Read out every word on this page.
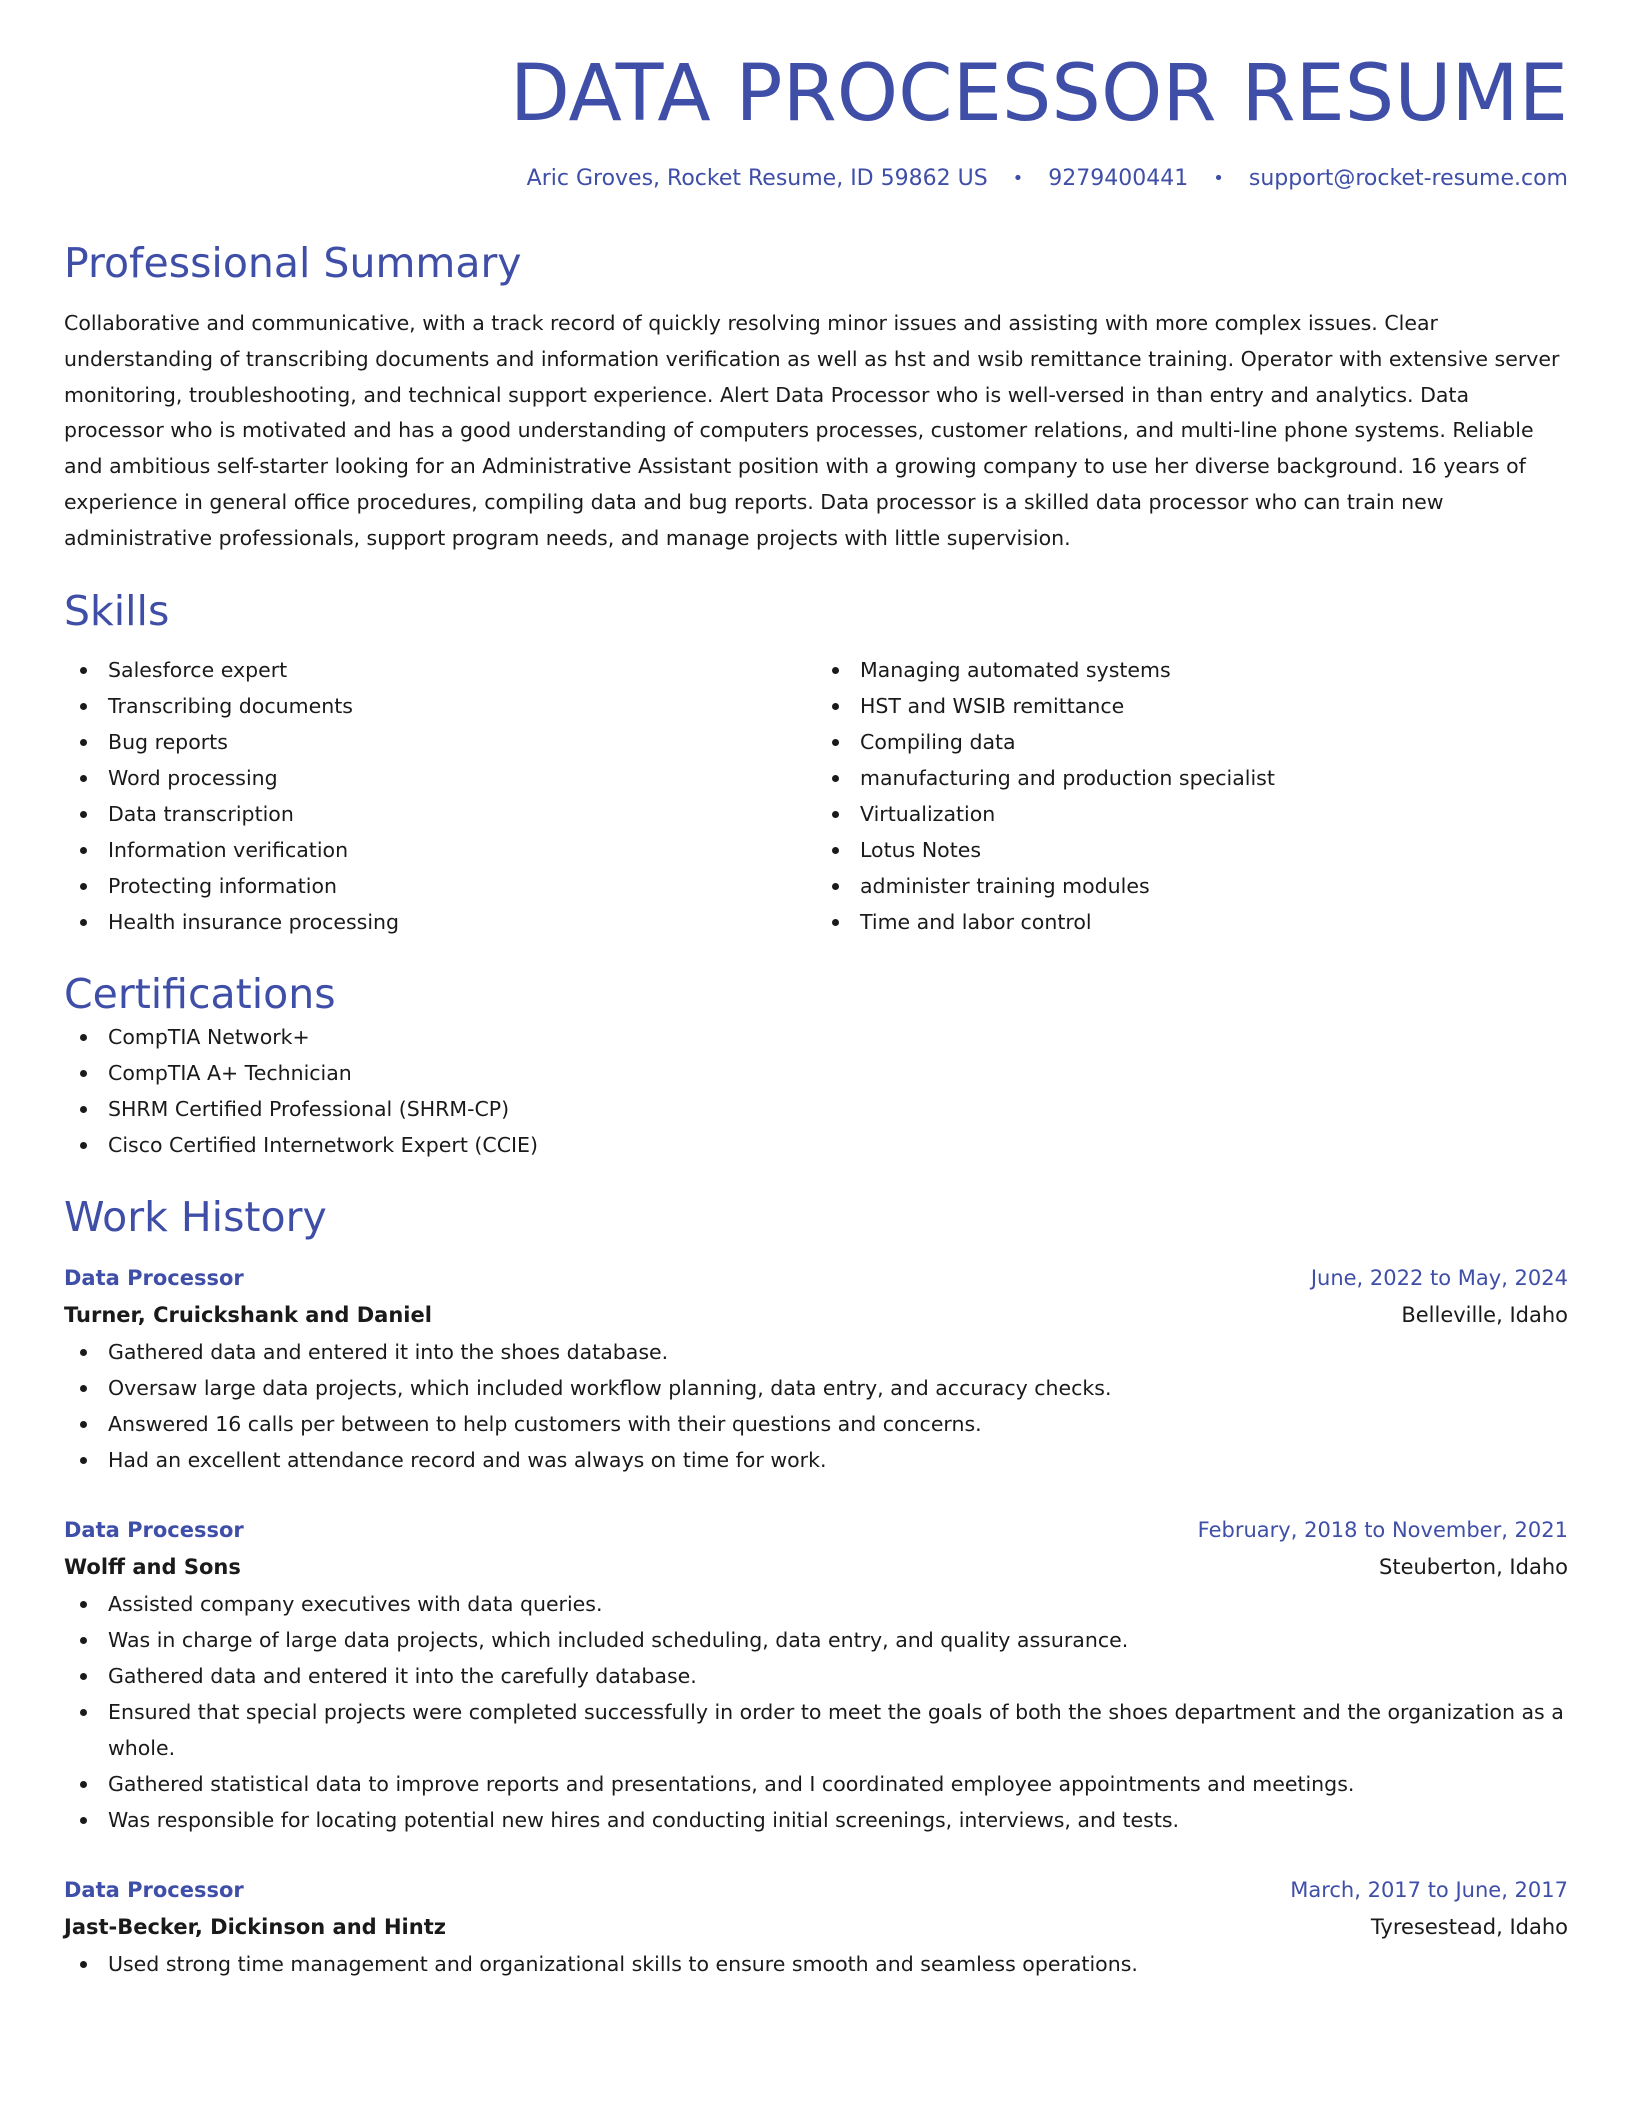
DATA PROCESSOR RESUME
Aric Groves, Rocket Resume, ID 59862 US • 9279400441 • support@rocket-resume.com
Professional Summary
Collaborative and communicative, with a track record of quickly resolving minor issues and assisting with more complex issues. Clear understanding of transcribing documents and information verification as well as hst and wsib remittance training. Operator with extensive server monitoring, troubleshooting, and technical support experience. Alert Data Processor who is well-versed in than entry and analytics. Data processor who is motivated and has a good understanding of computers processes, customer relations, and multi-line phone systems. Reliable and ambitious self-starter looking for an Administrative Assistant position with a growing company to use her diverse background. 16 years of experience in general office procedures, compiling data and bug reports. Data processor is a skilled data processor who can train new administrative professionals, support program needs, and manage projects with little supervision.
Skills
Salesforce expert
Transcribing documents
Bug reports
Word processing
Data transcription
Information verification
Protecting information
Health insurance processing
Managing automated systems
HST and WSIB remittance
Compiling data
manufacturing and production specialist
Virtualization
Lotus Notes
administer training modules
Time and labor control
Certifications
CompTIA Network+
CompTIA A+ Technician
SHRM Certified Professional (SHRM-CP)
Cisco Certified Internetwork Expert (CCIE)
Work History
Data Processor	June, 2022 to May, 2024
Turner, Cruickshank and Daniel	Belleville, Idaho
Gathered data and entered it into the shoes database.
Oversaw large data projects, which included workflow planning, data entry, and accuracy checks.
Answered 16 calls per between to help customers with their questions and concerns.
Had an excellent attendance record and was always on time for work.
Data Processor	February, 2018 to November, 2021
Wolff and Sons	Steuberton, Idaho
Assisted company executives with data queries.
Was in charge of large data projects, which included scheduling, data entry, and quality assurance.
Gathered data and entered it into the carefully database.
Ensured that special projects were completed successfully in order to meet the goals of both the shoes department and the organization as a whole.
Gathered statistical data to improve reports and presentations, and I coordinated employee appointments and meetings.
Was responsible for locating potential new hires and conducting initial screenings, interviews, and tests.
Data Processor	March, 2017 to June, 2017
Jast-Becker, Dickinson and Hintz	Tyresestead, Idaho
Used strong time management and organizational skills to ensure smooth and seamless operations.
